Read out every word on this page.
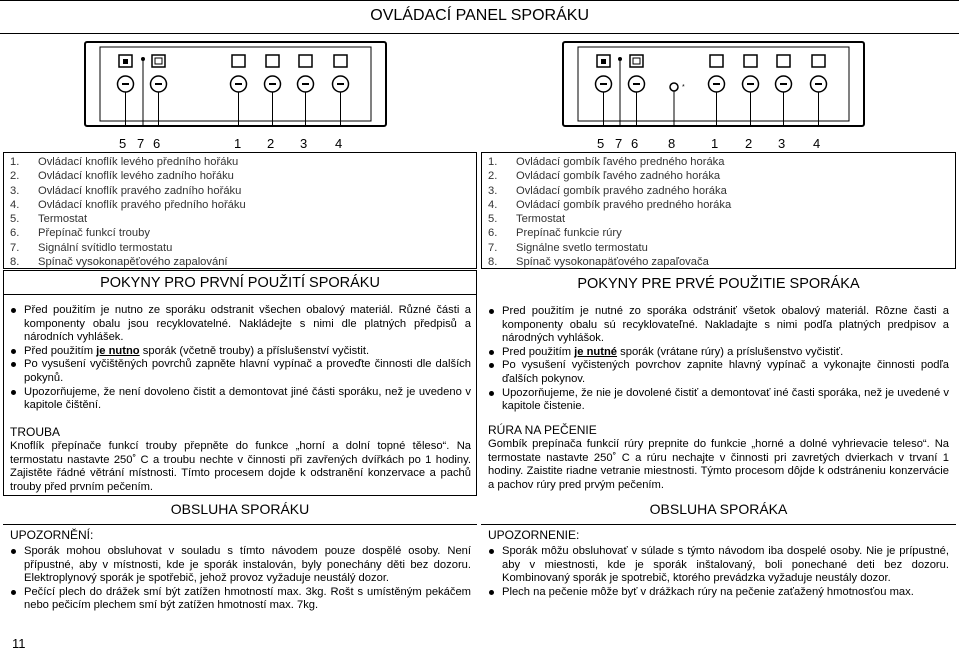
OVLÁDACÍ PANEL SPORÁKU
5 7 6	1 2 3 4
*
5 7 6 8	1 2 3 4
1. Ovládací knoflík levého předního hořáku
2. Ovládací knoflík levého zadního hořáku
3. Ovládací knoflík pravého zadního hořáku
4. Ovládací knoflík pravého předního hořáku
5. Termostat
6. Přepínač funkcí trouby
7. Signální svítidlo termostatu
8. Spínač vysokonapěťového zapalování
POKYNY PRO PRVNÍ POUŽITÍ SPORÁKU
Před použitím je nutno ze sporáku odstranit všechen obalový materiál. Různé části a komponenty obalu jsou recyklovatelné. Nakládejte s nimi dle platných předpisů a národních vyhlášek.
Před použitím je nutno sporák (včetně trouby) a příslušenství vyčistit.
Po vysušení vyčištěných povrchů zapněte hlavní vypínač a proveďte činnosti dle dalších pokynů.
Upozorňujeme, že není dovoleno čistit a demontovat jiné části sporáku, než je uvedeno v kapitole čištění.
TROUBA
Knoflík přepínače funkcí trouby přepněte do funkce „horní a dolní topné těleso“. Na termostatu nastavte 250˚ C a troubu nechte v činnosti při zavřených dvířkách po 1 hodiny. Zajistěte řádné větrání místnosti. Tímto procesem dojde k odstranění konzervace a pachů trouby před prvním pečením.
OBSLUHA SPORÁKU
UPOZORNĚNÍ:
Sporák mohou obsluhovat v souladu s tímto návodem pouze dospělé osoby. Není přípustné, aby v místnosti, kde je sporák instalován, byly ponechány děti bez dozoru. Elektroplynový sporák je spotřebič, jehož provoz vyžaduje neustálý dozor.
Pečící plech do drážek smí být zatížen hmotností max. 3kg. Rošt s umístěným pekáčem nebo pečicím plechem smí být zatížen hmotností max. 7kg.
1. Ovládací gombík ľavého predného horáka
2. Ovládací gombík ľavého zadného horáka
3. Ovládací gombík pravého zadného horáka
4. Ovládací gombík pravého predného horáka
5. Termostat
6. Prepínač funkcie rúry
7. Signálne svetlo termostatu
8. Spínač vysokonapäťového zapaľovača
POKYNY PRE PRVÉ POUŽITIE SPORÁKA
Pred použitím je nutné zo sporáka odstrániť všetok obalový materiál. Rôzne časti a komponenty obalu sú recyklovateľné. Nakladajte s nimi podľa platných predpisov a národných vyhlášok.
Pred použitím je nutné sporák (vrátane rúry) a príslušenstvo vyčistiť.
Po vysušení vyčistených povrchov zapnite hlavný vypínač a vykonajte činnosti podľa ďalších pokynov.
Upozorňujeme, že nie je dovolené čistiť a demontovať iné časti sporáka, než je uvedené v kapitole čistenie.
RÚRA NA PEČENIE
Gombík prepínača funkcií rúry prepnite do funkcie „horné a dolné vyhrievacie teleso“. Na termostate nastavte 250˚ C a rúru nechajte v činnosti pri zavretých dvierkach v trvaní 1 hodiny. Zaistite riadne vetranie miestnosti. Týmto procesom dôjde k odstráneniu konzervácie a pachov rúry pred prvým pečením.
OBSLUHA SPORÁKA
UPOZORNENIE:
Sporák môžu obsluhovať v súlade s týmto návodom iba dospelé osoby. Nie je prípustné, aby v miestnosti, kde je sporák inštalovaný, boli ponechané deti bez dozoru. Kombinovaný sporák je spotrebič, ktorého prevádzka vyžaduje neustály dozor.
Plech na pečenie môže byť v drážkach rúry na pečenie zaťažený hmotnosťou max.
11
